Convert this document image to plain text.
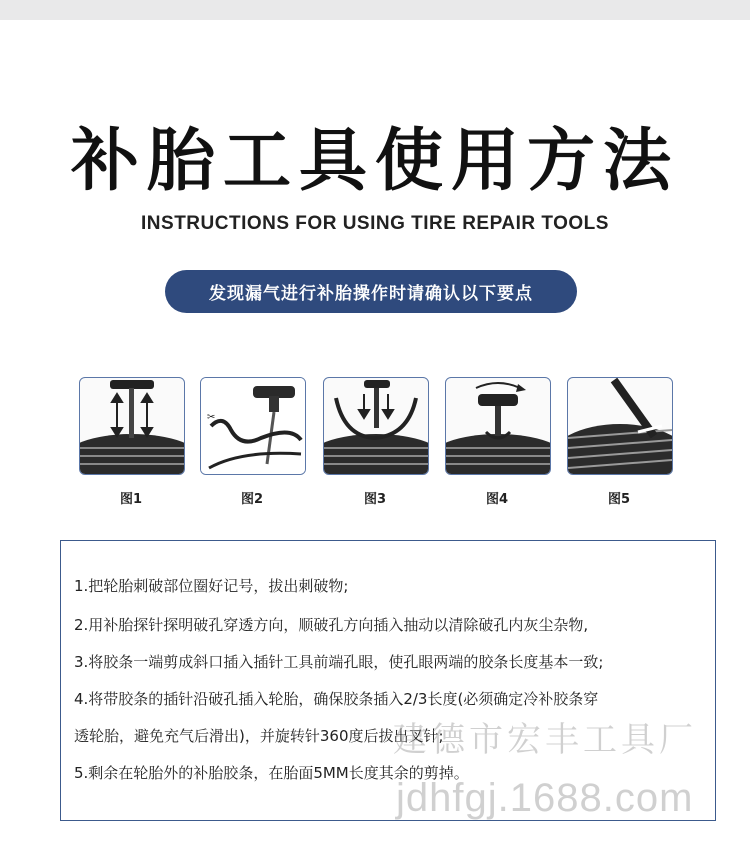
补胎工具使用方法
INSTRUCTIONS FOR USING TIRE REPAIR TOOLS
发现漏气进行补胎操作时请确认以下要点
图1
✂
图2	图3	图4	图5
1.把轮胎刺破部位圈好记号，拔出刺破物;
2.用补胎探针探明破孔穿透方向，顺破孔方向插入抽动以清除破孔内灰尘杂物,
3.将胶条一端剪成斜口插入插针工具前端孔眼，使孔眼两端的胶条长度基本一致;
4.将带胶条的插针沿破孔插入轮胎，确保胶条插入2/3长度(必须确定冷补胶条穿
透轮胎，避免充气后滑出)，并旋转针360度后拔出叉针;
5.剩余在轮胎外的补胎胶条，在胎面5MM长度其余的剪掉。
建德市宏丰工具厂
jdhfgj.1688.com
